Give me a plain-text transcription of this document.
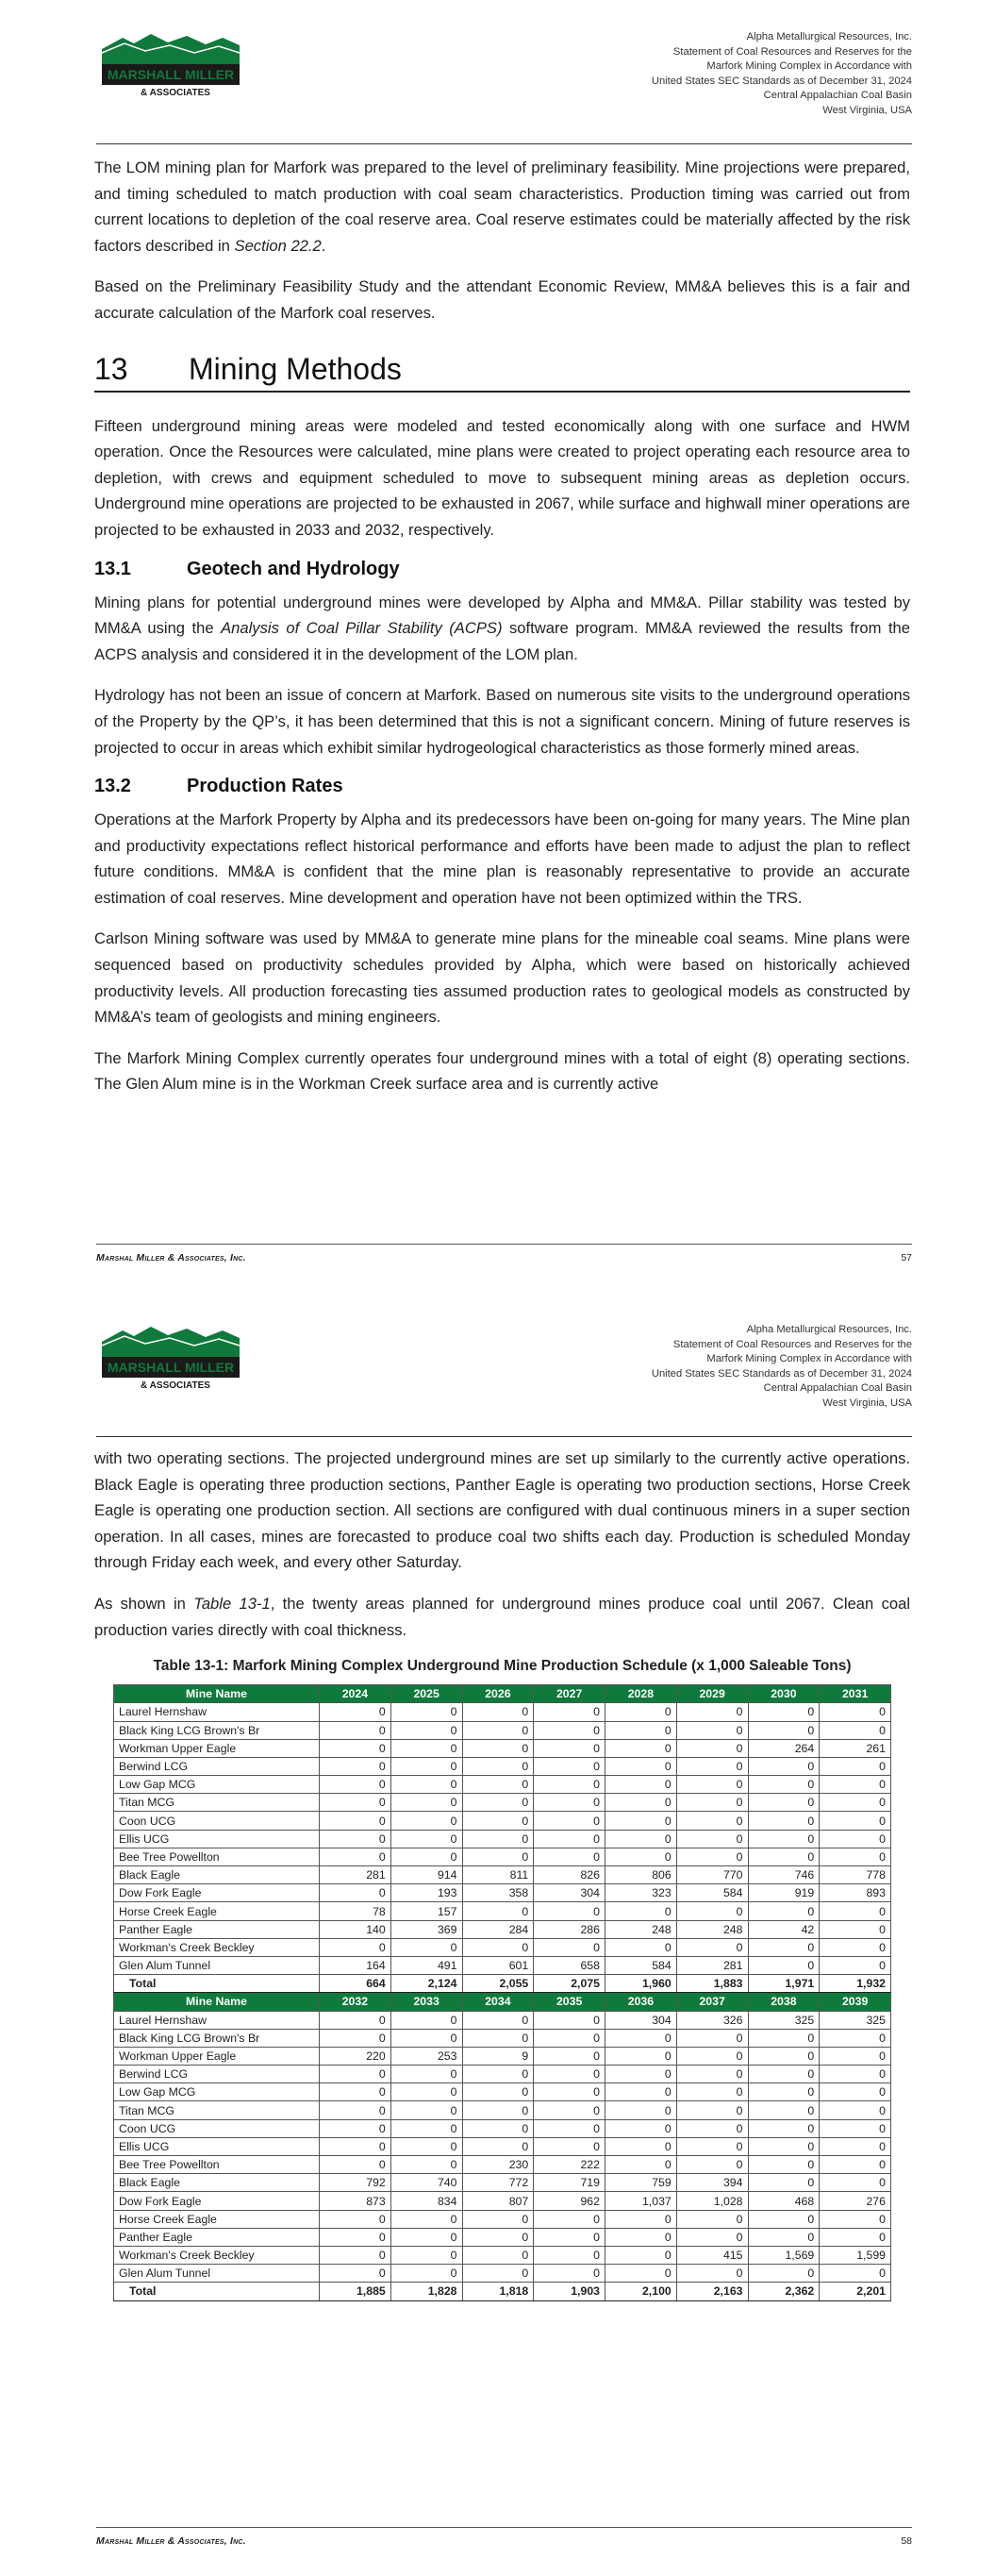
MARSHALL MILLER
& ASSOCIATES
Alpha Metallurgical Resources, Inc.
Statement of Coal Resources and Reserves for the
Marfork Mining Complex in Accordance with
United States SEC Standards as of December 31, 2024
Central Appalachian Coal Basin
West Virginia, USA

The LOM mining plan for Marfork was prepared to the level of preliminary feasibility. Mine projections were prepared, and timing scheduled to match production with coal seam characteristics. Production timing was carried out from current locations to depletion of the coal reserve area. Coal reserve estimates could be materially affected by the risk factors described in Section 22.2.

Based on the Preliminary Feasibility Study and the attendant Economic Review, MM&A believes this is a fair and accurate calculation of the Marfork coal reserves.

13	Mining Methods

Fifteen underground mining areas were modeled and tested economically along with one surface and HWM operation. Once the Resources were calculated, mine plans were created to project operating each resource area to depletion, with crews and equipment scheduled to move to subsequent mining areas as depletion occurs. Underground mine operations are projected to be exhausted in 2067, while surface and highwall miner operations are projected to be exhausted in 2033 and 2032, respectively.

13.1	Geotech and Hydrology

Mining plans for potential underground mines were developed by Alpha and MM&A. Pillar stability was tested by MM&A using the Analysis of Coal Pillar Stability (ACPS) software program. MM&A reviewed the results from the ACPS analysis and considered it in the development of the LOM plan.

Hydrology has not been an issue of concern at Marfork. Based on numerous site visits to the underground operations of the Property by the QP’s, it has been determined that this is not a significant concern. Mining of future reserves is projected to occur in areas which exhibit similar hydrogeological characteristics as those formerly mined areas.

13.2	Production Rates

Operations at the Marfork Property by Alpha and its predecessors have been on-going for many years. The Mine plan and productivity expectations reflect historical performance and efforts have been made to adjust the plan to reflect future conditions. MM&A is confident that the mine plan is reasonably representative to provide an accurate estimation of coal reserves. Mine development and operation have not been optimized within the TRS.

Carlson Mining software was used by MM&A to generate mine plans for the mineable coal seams. Mine plans were sequenced based on productivity schedules provided by Alpha, which were based on historically achieved productivity levels. All production forecasting ties assumed production rates to geological models as constructed by MM&A’s team of geologists and mining engineers.

The Marfork Mining Complex currently operates four underground mines with a total of eight (8) operating sections. The Glen Alum mine is in the Workman Creek surface area and is currently active

Marshal Miller & Associates, Inc.	57
MARSHALL MILLER
& ASSOCIATES
Alpha Metallurgical Resources, Inc.
Statement of Coal Resources and Reserves for the
Marfork Mining Complex in Accordance with
United States SEC Standards as of December 31, 2024
Central Appalachian Coal Basin
West Virginia, USA

with two operating sections. The projected underground mines are set up similarly to the currently active operations. Black Eagle is operating three production sections, Panther Eagle is operating two production sections, Horse Creek Eagle is operating one production section. All sections are configured with dual continuous miners in a super section operation. In all cases, mines are forecasted to produce coal two shifts each day. Production is scheduled Monday through Friday each week, and every other Saturday.

As shown in Table 13-1, the twenty areas planned for underground mines produce coal until 2067. Clean coal production varies directly with coal thickness.

Table 13-1: Marfork Mining Complex Underground Mine Production Schedule (x 1,000 Saleable Tons)
Mine Name	2024	2025	2026	2027	2028	2029	2030	2031
Laurel Hernshaw	0	0	0	0	0	0	0	0
Black King LCG Brown's Br	0	0	0	0	0	0	0	0
Workman Upper Eagle	0	0	0	0	0	0	264	261
Berwind LCG	0	0	0	0	0	0	0	0
Low Gap MCG	0	0	0	0	0	0	0	0
Titan MCG	0	0	0	0	0	0	0	0
Coon UCG	0	0	0	0	0	0	0	0
Ellis UCG	0	0	0	0	0	0	0	0
Bee Tree Powellton	0	0	0	0	0	0	0	0
Black Eagle	281	914	811	826	806	770	746	778
Dow Fork Eagle	0	193	358	304	323	584	919	893
Horse Creek Eagle	78	157	0	0	0	0	0	0
Panther Eagle	140	369	284	286	248	248	42	0
Workman's Creek Beckley	0	0	0	0	0	0	0	0
Glen Alum Tunnel	164	491	601	658	584	281	0	0
Total	664	2,124	2,055	2,075	1,960	1,883	1,971	1,932
Mine Name	2032	2033	2034	2035	2036	2037	2038	2039
Laurel Hernshaw	0	0	0	0	304	326	325	325
Black King LCG Brown's Br	0	0	0	0	0	0	0	0
Workman Upper Eagle	220	253	9	0	0	0	0	0
Berwind LCG	0	0	0	0	0	0	0	0
Low Gap MCG	0	0	0	0	0	0	0	0
Titan MCG	0	0	0	0	0	0	0	0
Coon UCG	0	0	0	0	0	0	0	0
Ellis UCG	0	0	0	0	0	0	0	0
Bee Tree Powellton	0	0	230	222	0	0	0	0
Black Eagle	792	740	772	719	759	394	0	0
Dow Fork Eagle	873	834	807	962	1,037	1,028	468	276
Horse Creek Eagle	0	0	0	0	0	0	0	0
Panther Eagle	0	0	0	0	0	0	0	0
Workman's Creek Beckley	0	0	0	0	0	415	1,569	1,599
Glen Alum Tunnel	0	0	0	0	0	0	0	0
Total	1,885	1,828	1,818	1,903	2,100	2,163	2,362	2,201
Marshal Miller & Associates, Inc.	58
